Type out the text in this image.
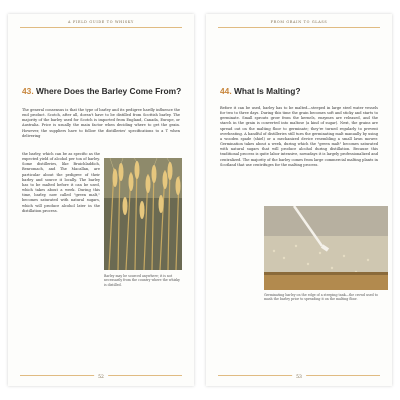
A FIELD GUIDE TO WHISKY
43. Where Does the Barley Come From?

The general consensus is that the type of barley and its pedigree hardly influence the end product. Scotch, after all, doesn't have to be distilled from Scottish barley. The majority of the barley used for Scotch is imported from England, Canada, Europe, or Australia. Price is usually the main factor when deciding where to get the grain. However, the suppliers have to follow the distilleries' specifications to a T when delivering

the barley, which can be as specific as the expected yield of alcohol per ton of barley. Some distilleries, like Bruichladdich, Benromach, and The Macallan, are particular about the pedigree of their barley and source it locally. The barley has to be malted before it can be used, which takes about a week. During this time, barley, now called "green malt," becomes saturated with natural sugars, which will produce alcohol later in the distillation process.

Barley may be sourced anywhere; it is not necessarily from the country where the whisky is distilled.

52
FROM GRAIN TO GLASS
44. What Is Malting?

Before it can be used, barley has to be malted—steeped in large steel water vessels for two to three days. During this time the grain becomes soft and sticky and starts to germinate. Small sprouts grow from the kernels, enzymes are released, and the starch in the grain is converted into maltose (a kind of sugar). Next, the grains are spread out on the malting floor to germinate; they're turned regularly to prevent overheating. A handful of distilleries still turn the germinating malt manually by using a wooden spade (shiel) or a mechanized device resembling a small lawn mower. Germination takes about a week, during which the "green malt" becomes saturated with natural sugars that will produce alcohol during distillation. Because this traditional process is quite labor intensive, nowadays it is largely professionalized and centralized. The majority of the barley comes from large commercial malting plants in Scotland that use centrifuges for the malting process.

Germinating barley on the edge of a steeping tank—the crowd used to mash the barley prior to spreading it on the malting floor.

53
